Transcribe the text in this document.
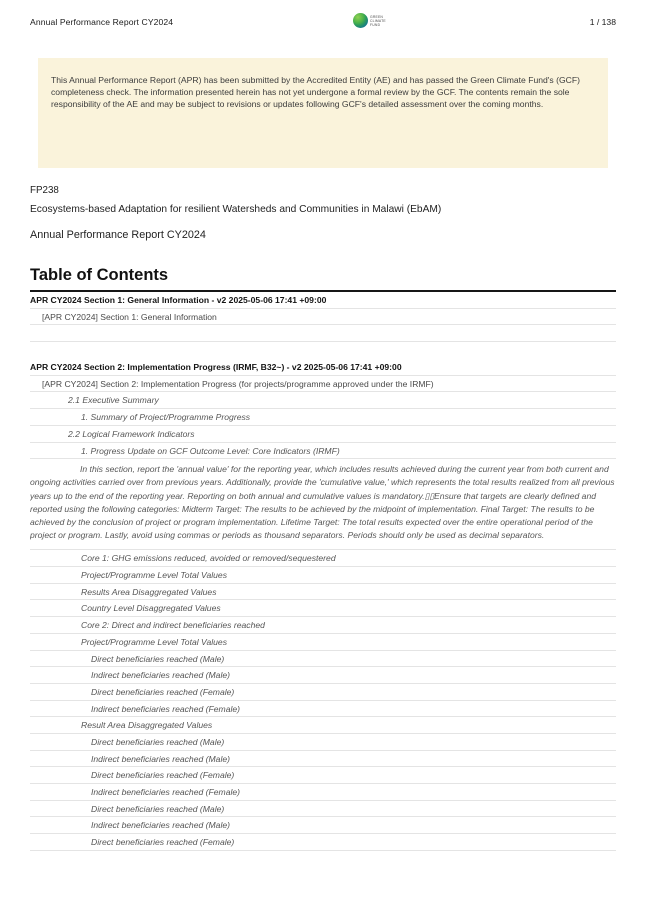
Annual Performance Report CY2024
GREEN
CLIMATE
FUND	1 / 138

This Annual Performance Report (APR) has been submitted by the Accredited Entity (AE) and has passed the Green Climate Fund's (GCF) completeness check. The information presented herein has not yet undergone a formal review by the GCF. The contents remain the sole responsibility of the AE and may be subject to revisions or updates following GCF's detailed assessment over the coming months.

FP238
Ecosystems-based Adaptation for resilient Watersheds and Communities in Malawi (EbAM)
Annual Performance Report CY2024
Table of Contents
APR CY2024 Section 1: General Information - v2 2025-05-06 17:41 +09:00
[APR CY2024] Section 1: General Information
APR CY2024 Section 2: Implementation Progress (IRMF, B32~) - v2 2025-05-06 17:41 +09:00
[APR CY2024] Section 2: Implementation Progress (for projects/programme approved under the IRMF)
2.1 Executive Summary
1. Summary of Project/Programme Progress
2.2 Logical Framework Indicators
1. Progress Update on GCF Outcome Level: Core Indicators (IRMF)
In this section, report the 'annual value' for the reporting year, which includes results achieved during the current year from both current and ongoing activities carried over from previous years. Additionally, provide the 'cumulative value,' which represents the total results realized from all previous years up to the end of the reporting year. Reporting on both annual and cumulative values is mandatory.▯▯Ensure that targets are clearly defined and reported using the following categories: Midterm Target: The results to be achieved by the midpoint of implementation. Final Target: The results to be achieved by the conclusion of project or program implementation. Lifetime Target: The total results expected over the entire operational period of the project or program. Lastly, avoid using commas or periods as thousand separators. Periods should only be used as decimal separators.
Core 1: GHG emissions reduced, avoided or removed/sequestered
Project/Programme Level Total Values
Results Area Disaggregated Values
Country Level Disaggregated Values
Core 2: Direct and indirect beneficiaries reached
Project/Programme Level Total Values
Direct beneficiaries reached (Male)
Indirect beneficiaries reached (Male)
Direct beneficiaries reached (Female)
Indirect beneficiaries reached (Female)
Result Area Disaggregated Values
Direct beneficiaries reached (Male)
Indirect beneficiaries reached (Male)
Direct beneficiaries reached (Female)
Indirect beneficiaries reached (Female)
Direct beneficiaries reached (Male)
Indirect beneficiaries reached (Male)
Direct beneficiaries reached (Female)
